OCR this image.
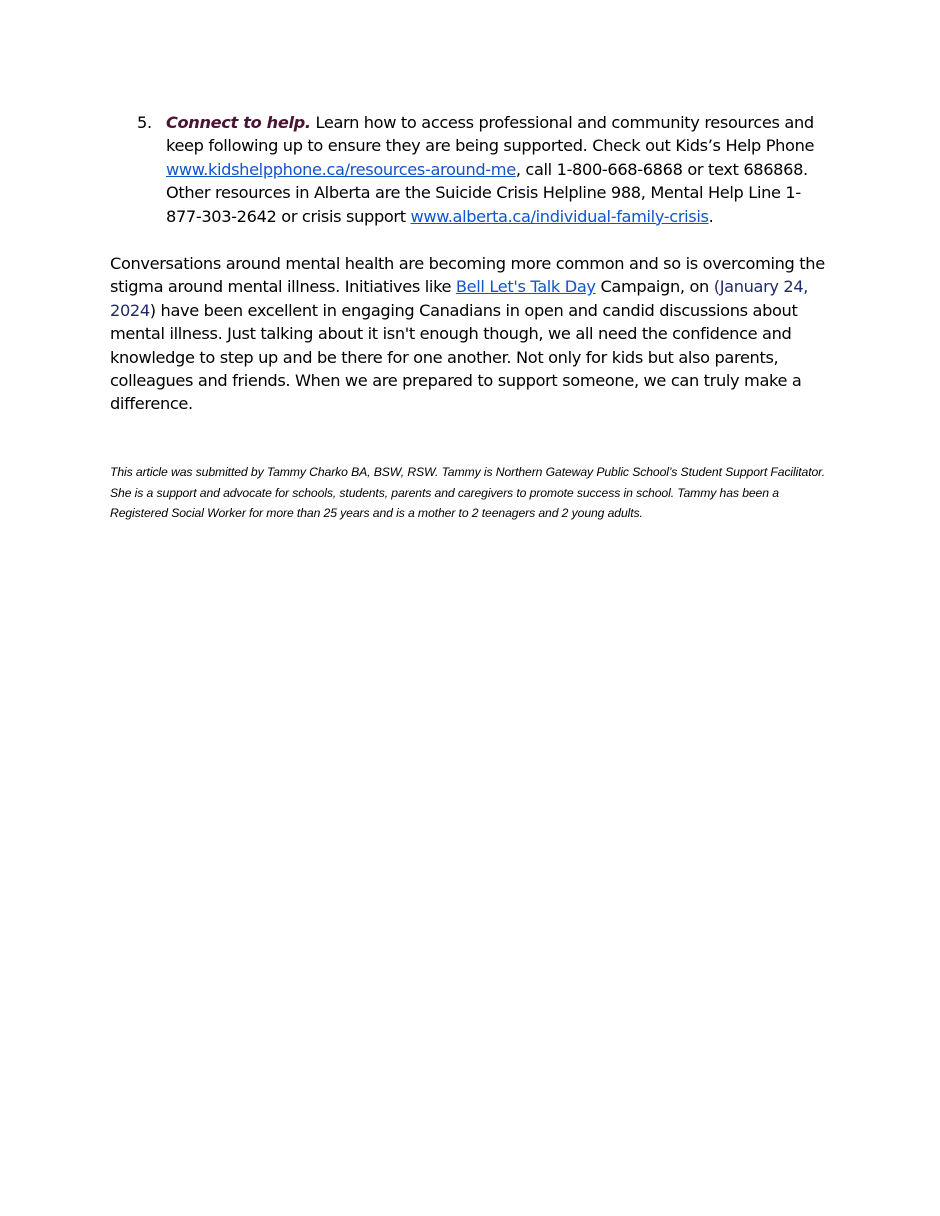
5. Connect to help. Learn how to access professional and community resources and keep following up to ensure they are being supported. Check out Kids’s Help Phone www.kidshelpphone.ca/resources-around-me, call 1-800-668-6868 or text 686868. Other resources in Alberta are the Suicide Crisis Helpline 988, Mental Help Line 1-877-303-2642 or crisis support www.alberta.ca/individual-family-crisis.

Conversations around mental health are becoming more common and so is overcoming the stigma around mental illness. Initiatives like Bell Let's Talk Day Campaign, on (January 24, 2024) have been excellent in engaging Canadians in open and candid discussions about mental illness. Just talking about it isn't enough though, we all need the confidence and knowledge to step up and be there for one another. Not only for kids but also parents, colleagues and friends. When we are prepared to support someone, we can truly make a difference.

This article was submitted by Tammy Charko BA, BSW, RSW. Tammy is Northern Gateway Public School’s Student Support Facilitator. She is a support and advocate for schools, students, parents and caregivers to promote success in school. Tammy has been a Registered Social Worker for more than 25 years and is a mother to 2 teenagers and 2 young adults.
